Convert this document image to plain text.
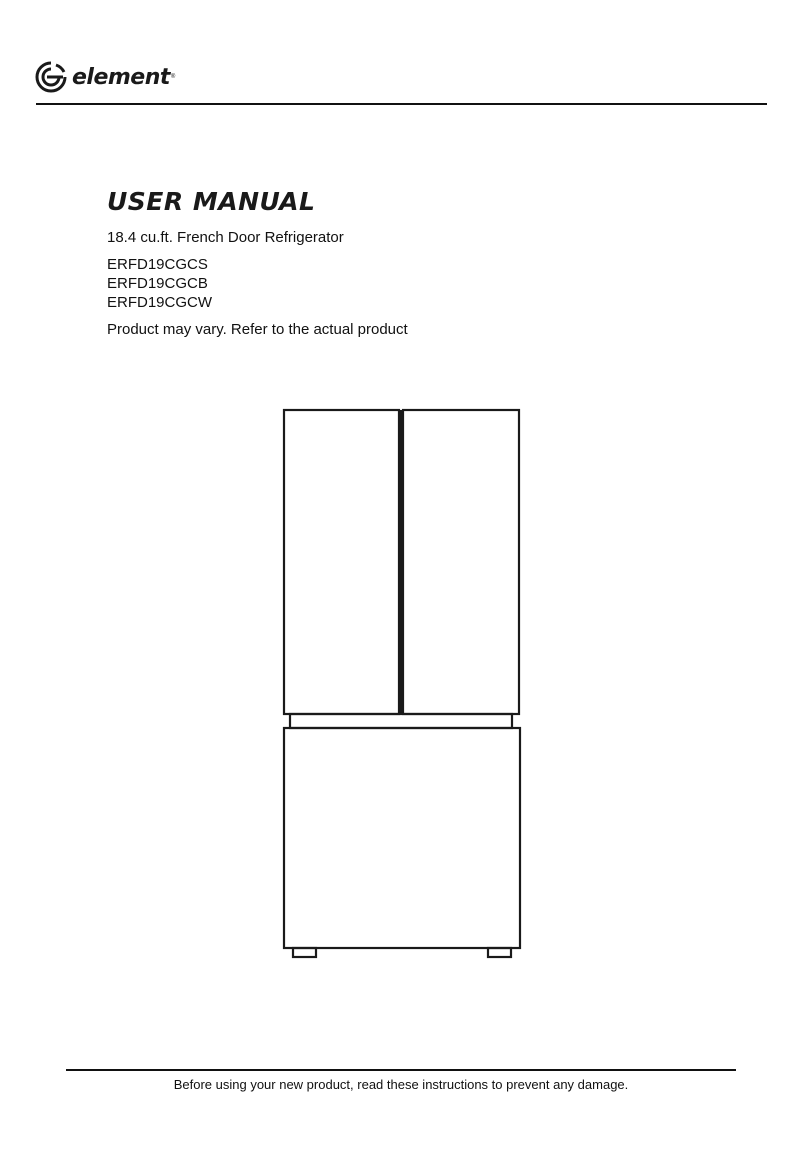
element ®
USER MANUAL
18.4 cu.ft. French Door Refrigerator
ERFD19CGCS
ERFD19CGCB
ERFD19CGCW
Product may vary. Refer to the actual product
Before using your new product, read these instructions to prevent any damage.
